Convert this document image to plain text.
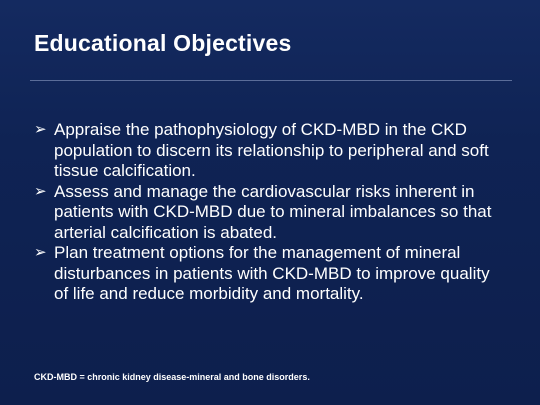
Educational Objectives
➢ Appraise the pathophysiology of CKD-MBD in the CKD population to discern its relationship to peripheral and soft tissue calcification.
➢ Assess and manage the cardiovascular risks inherent in patients with CKD-MBD due to mineral imbalances so that arterial calcification is abated.
➢ Plan treatment options for the management of mineral disturbances in patients with CKD-MBD to improve quality of life and reduce morbidity and mortality.
CKD-MBD = chronic kidney disease-mineral and bone disorders.
